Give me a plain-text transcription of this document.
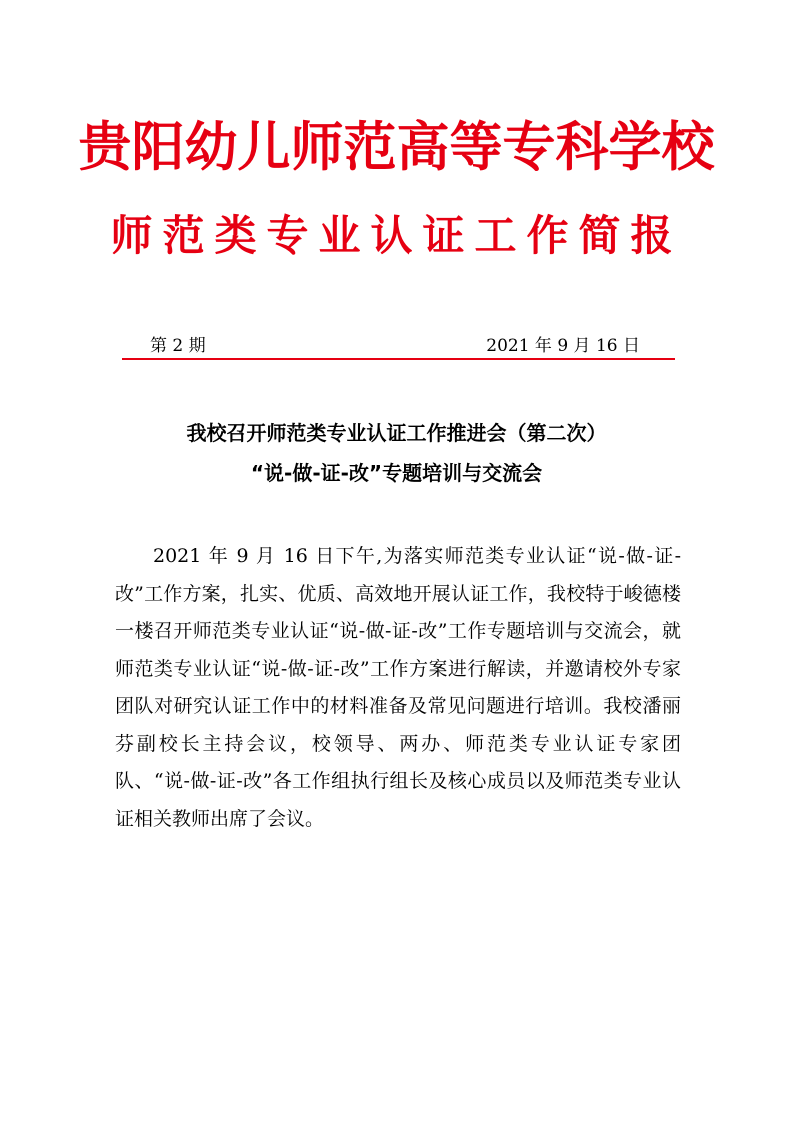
贵阳幼儿师范高等专科学校
师范类专业认证工作简报
第 2 期	2021 年 9 月 16 日
我校召开师范类专业认证工作推进会（第二次）
“说-做-证-改”专题培训与交流会

2021 年 9 月 16 日下午,为落实师范类专业认证“说-做-证-改”工作方案，扎实、优质、高效地开展认证工作，我校特于峻德楼一楼召开师范类专业认证“说-做-证-改”工作专题培训与交流会，就师范类专业认证“说-做-证-改”工作方案进行解读，并邀请校外专家团队对研究认证工作中的材料准备及常见问题进行培训。我校潘丽芬副校长主持会议，校领导、两办、师范类专业认证专家团队、“说-做-证-改”各工作组执行组长及核心成员以及师范类专业认证相关教师出席了会议。
